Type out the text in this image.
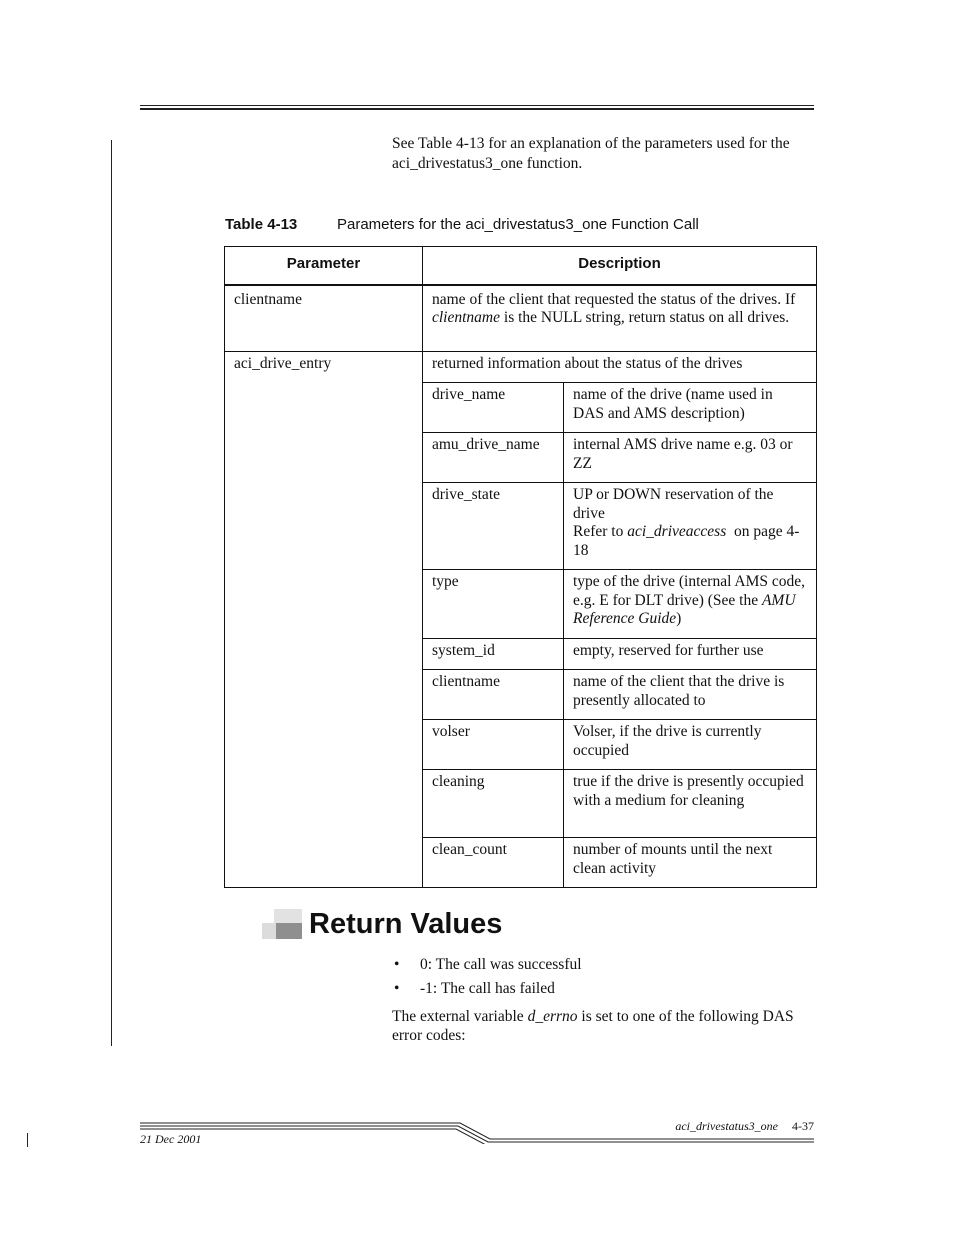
See Table 4-13 for an explanation of the parameters used for the aci_drivestatus3_one function.
Table 4-13	Parameters for the aci_drivestatus3_one Function Call
Parameter	Description	
clientname	name of the client that requested the status of the drives. If clientname is the NULL string, return status on all drives.	
aci_drive_entry	returned information about the status of the drives	
	drive_name	name of the drive (name used in DAS and AMS description)
	amu_drive_name	internal AMS drive name e.g. 03 or ZZ
	drive_state	UP or DOWN reservation of the drive
Refer to aci_driveaccess  on page 4-18
	type	type of the drive (internal AMS code, e.g. E for DLT drive) (See the AMU Reference Guide)
	system_id	empty, reserved for further use
	clientname	name of the client that the drive is presently allocated to
	volser	Volser, if the drive is currently occupied
	cleaning	true if the drive is presently occupied with a medium for cleaning
	clean_count	number of mounts until the next clean activity
Return Values
• 0: The call was successful
• -1: The call has failed
The external variable d_errno is set to one of the following DAS error codes:
21 Dec 2001
aci_drivestatus3_one 4-37
